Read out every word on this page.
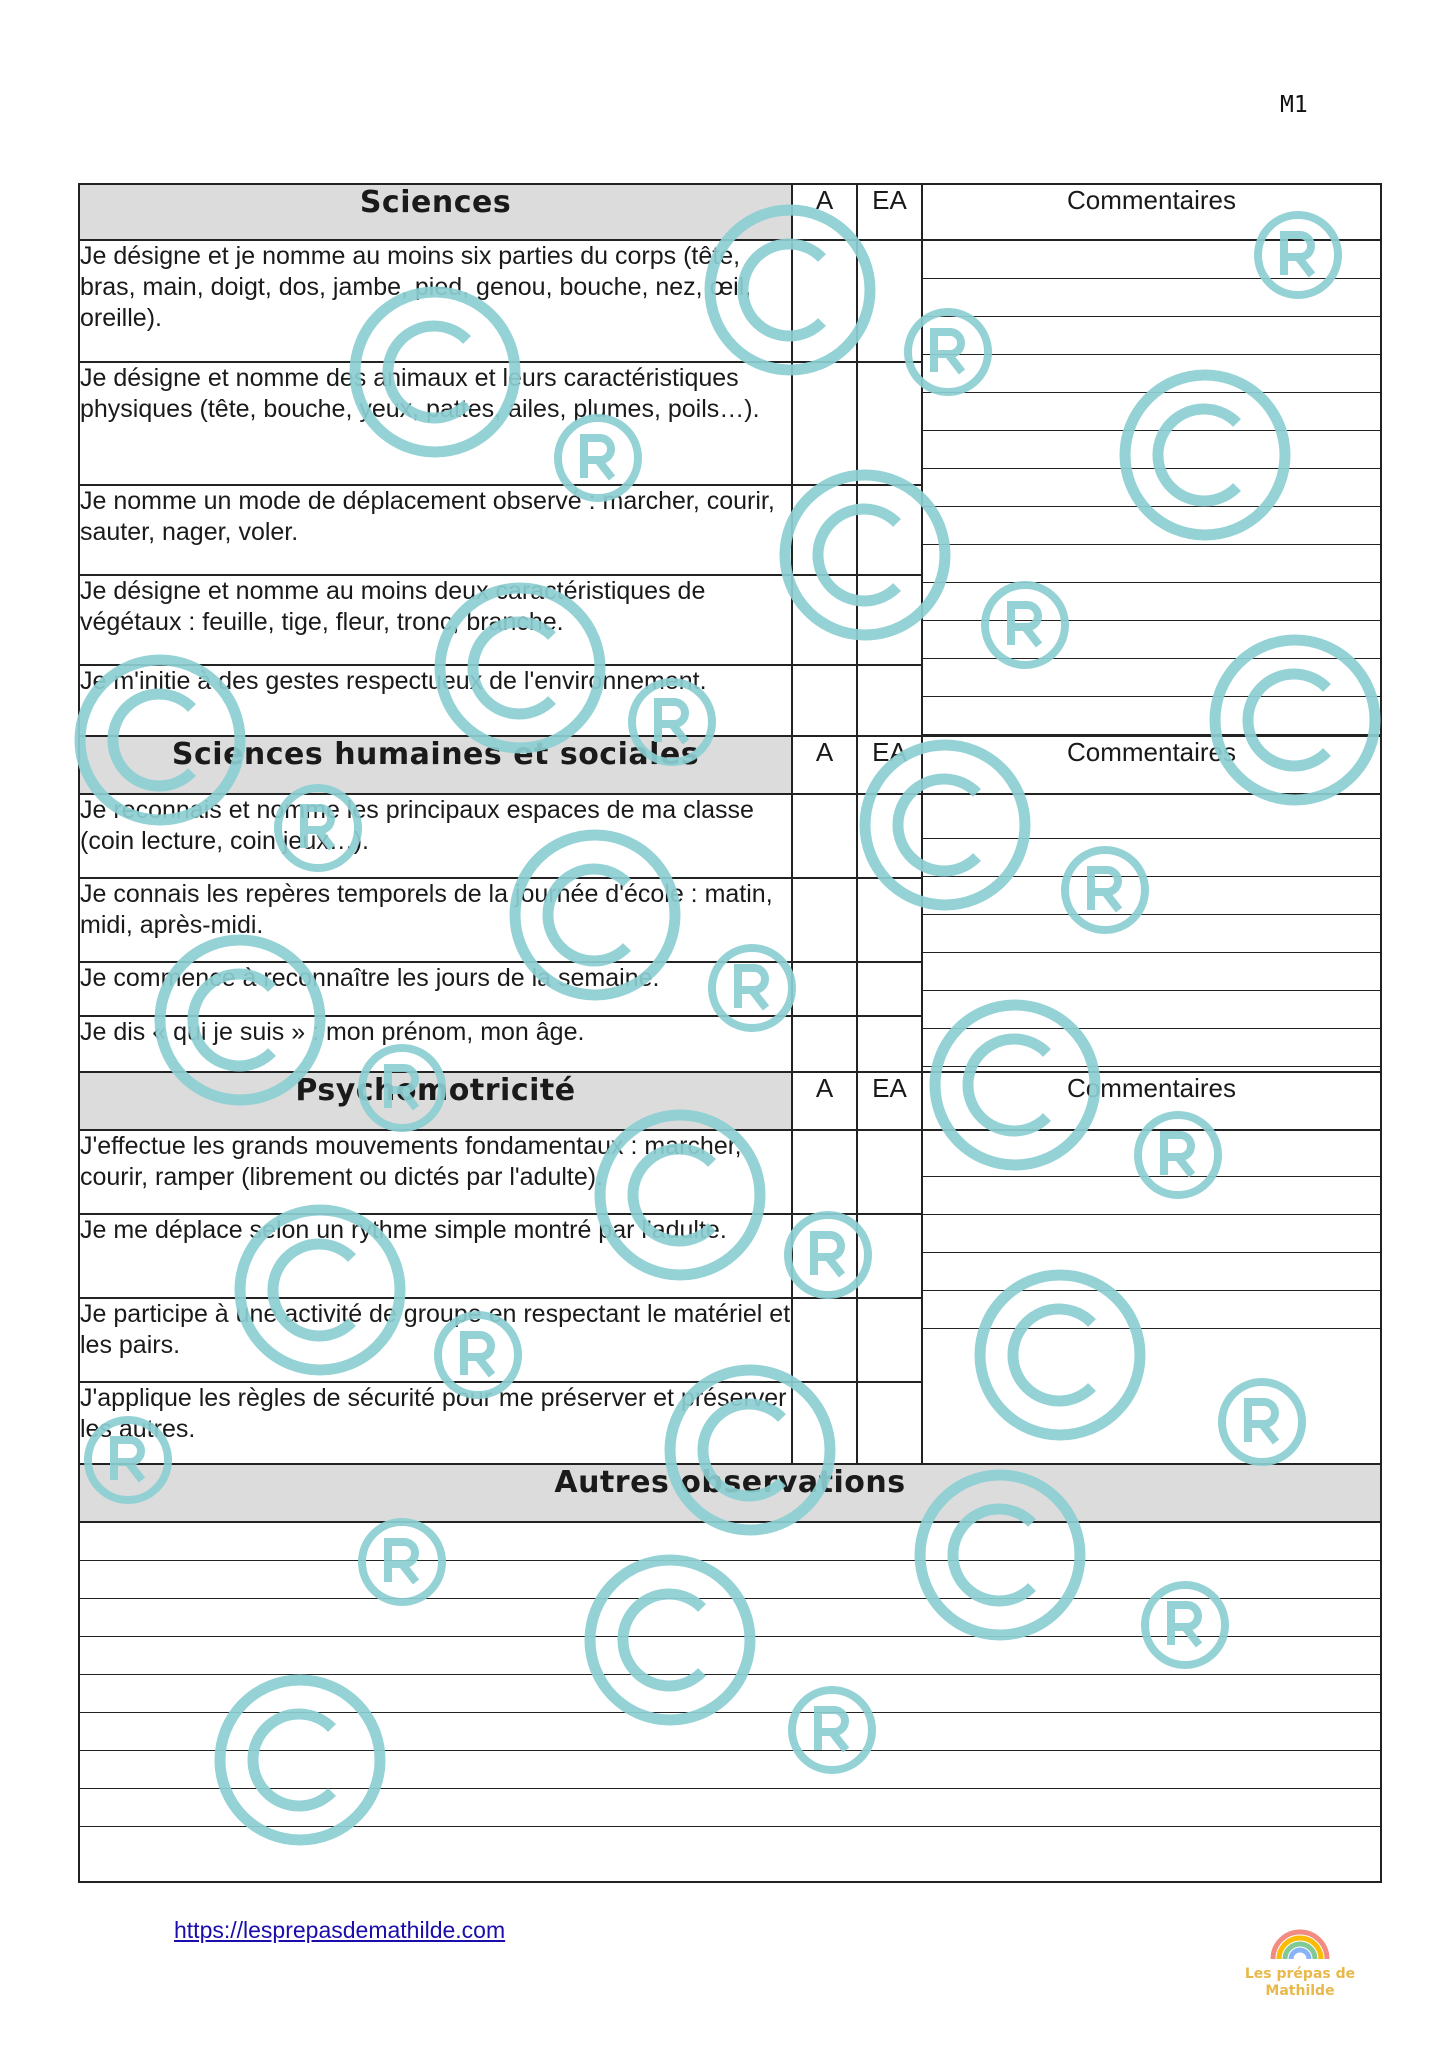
M1
Sciences	A	EA	Commentaires
Je désigne et je nomme au moins six parties du corps (tête, bras, main, doigt, dos, jambe, pied, genou, bouche, nez, œil, oreille).			

Je désigne et nomme des animaux et leurs caractéristiques physiques (tête, bouche, yeux, pattes, ailes, plumes, poils…).			
Je nomme un mode de déplacement observé : marcher, courir, sauter, nager, voler.			
Je désigne et nomme au moins deux caractéristiques de végétaux : feuille, tige, fleur, tronc, branche.			
Je m'initie à des gestes respectueux de l'environnement.			
Sciences humaines et sociales	A	EA	Commentaires
Je reconnais et nomme les principaux espaces de ma classe (coin lecture, coin jeux…).			

Je connais les repères temporels de la journée d'école : matin, midi, après-midi.			
Je commence à reconnaître les jours de la semaine.			
Je dis « qui je suis » : mon prénom, mon âge.			
Psychomotricité	A	EA	Commentaires
J'effectue les grands mouvements fondamentaux : marcher, courir, ramper (librement ou dictés par l'adulte).			

Je me déplace selon un rythme simple montré par l'adulte.			
Je participe à une activité de groupe en respectant le matériel et les pairs.			
J'applique les règles de sécurité pour me préserver et préserver les autres.			
Autres observations			

https://lesprepasdemathilde.com
Les prépas de Mathilde
